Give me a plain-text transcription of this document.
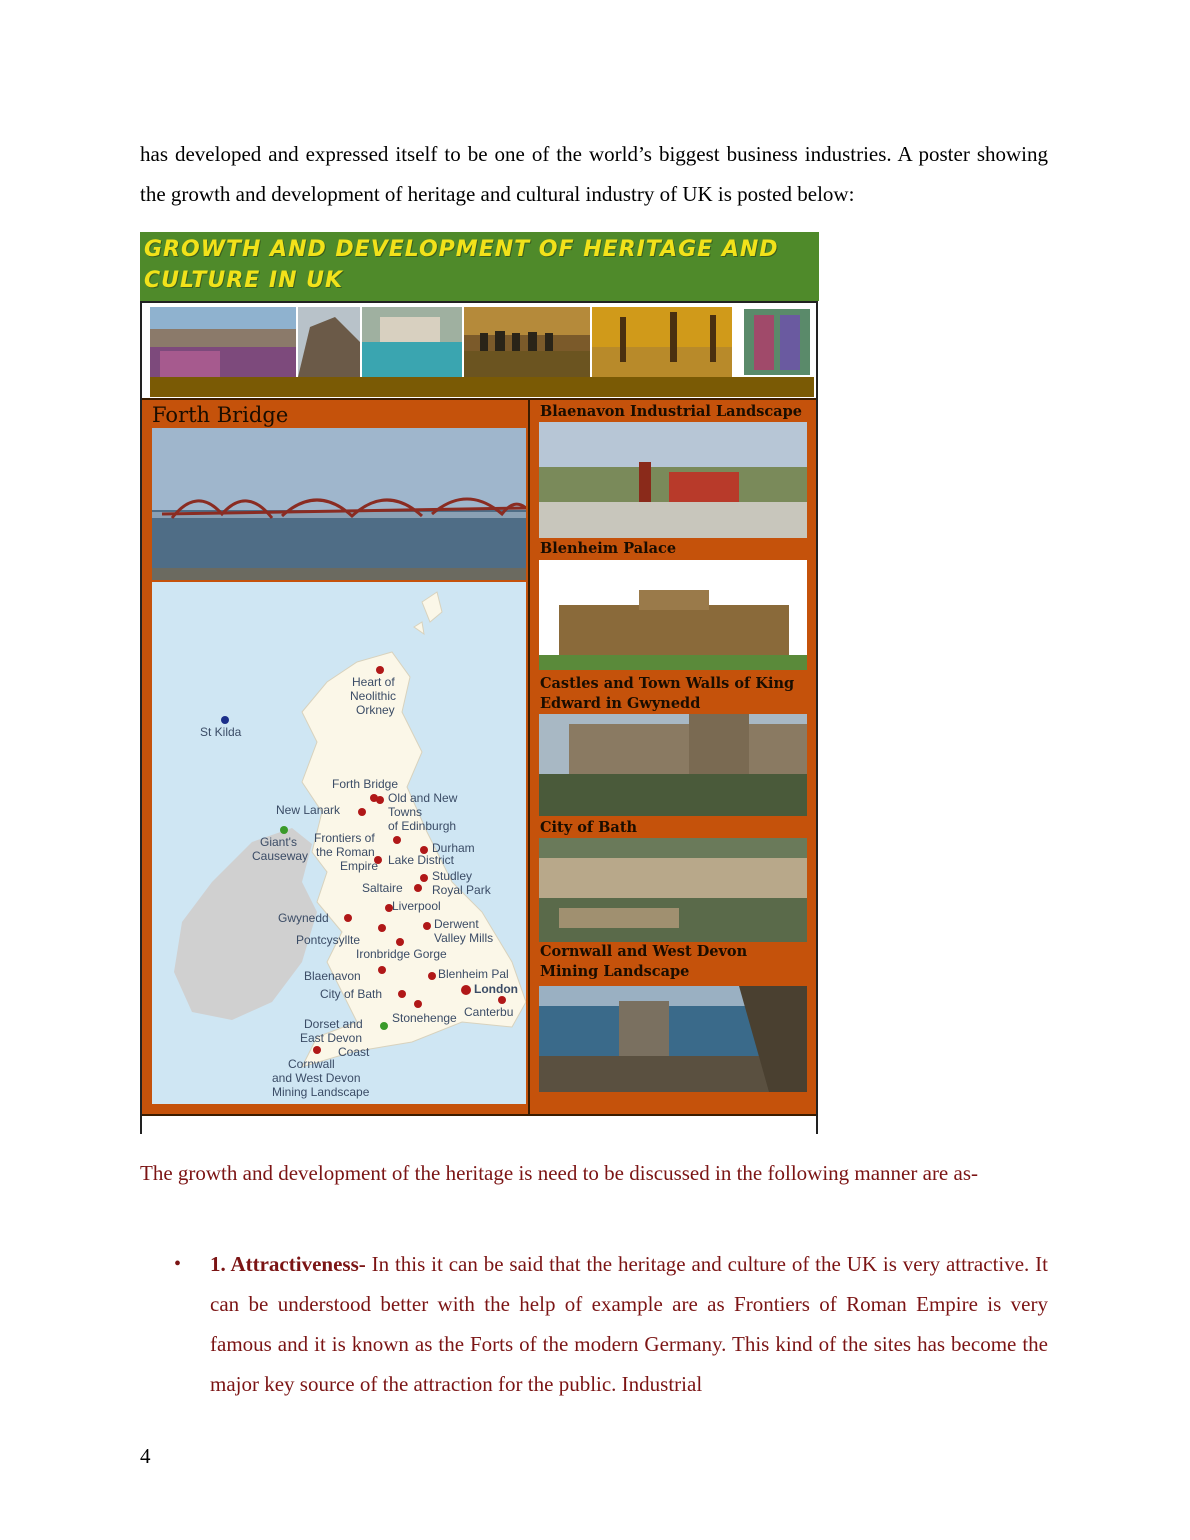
has developed and expressed itself to be one of the world’s biggest business industries. A poster showing the growth and development of heritage and cultural industry of UK is posted below:

GROWTH AND DEVELOPMENT OF HERITAGE AND
CULTURE IN UK
Forth Bridge
Heart of
Neolithic
Orkney
St Kilda
Forth Bridge
Old and New
Towns
of Edinburgh
New Lanark
Giant's
Causeway
Frontiers of
the Roman
Empire
Durham
Lake District
Studley
Royal Park
Saltaire
Liverpool
Gwynedd	Derwent
Valley Mills
Pontcysyllte
Ironbridge Gorge
Blaenavon	Blenheim Pal
City of Bath	London
Dorset and
East Devon
Coast
Stonehenge Canterbu
Cornwall
and West Devon
Mining Landscape
Blaenavon Industrial Landscape
Blenheim Palace
Castles and Town Walls of King Edward in Gwynedd
City of Bath
Cornwall and West Devon Mining Landscape

The growth and development of the heritage is need to be discussed in the following manner are as-

• 1. Attractiveness- In this it can be said that the heritage and culture of the UK is very attractive. It can be understood better with the help of example are as Frontiers of Roman Empire is very famous and it is known as the Forts of the modern Germany. This kind of the sites has become the major key source of the attraction for the public. Industrial

4
